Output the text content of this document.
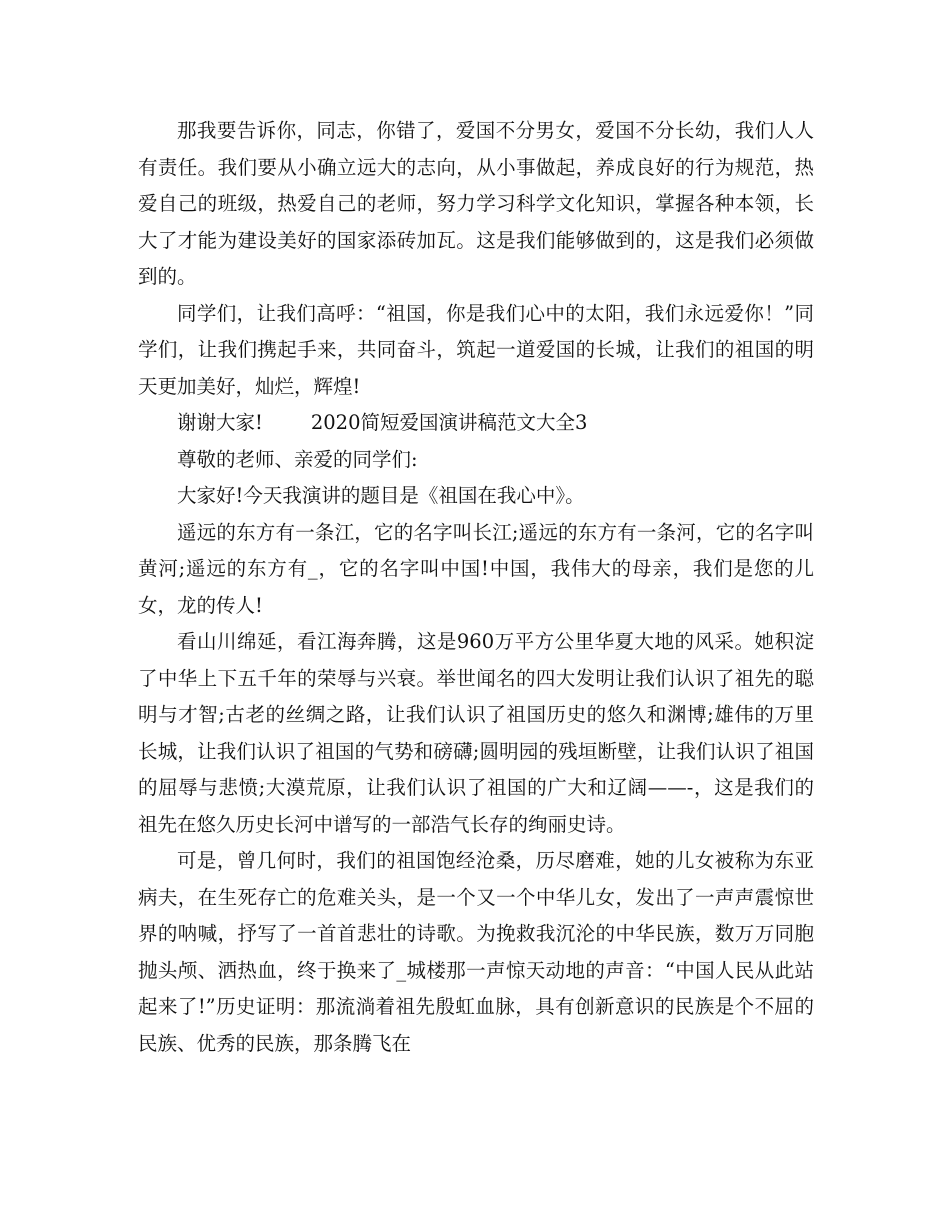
那我要告诉你，同志，你错了，爱国不分男女，爱国不分长幼，我们人人有责任。我们要从小确立远大的志向，从小事做起，养成良好的行为规范，热爱自己的班级，热爱自己的老师，努力学习科学文化知识，掌握各种本领，长大了才能为建设美好的国家添砖加瓦。这是我们能够做到的，这是我们必须做到的。

同学们，让我们高呼：“祖国，你是我们心中的太阳，我们永远爱你！”同学们，让我们携起手来，共同奋斗，筑起一道爱国的长城，让我们的祖国的明天更加美好，灿烂，辉煌!

谢谢大家! 2020简短爱国演讲稿范文大全3

尊敬的老师、亲爱的同学们:

大家好!今天我演讲的题目是《祖国在我心中》。

遥远的东方有一条江，它的名字叫长江;遥远的东方有一条河，它的名字叫黄河;遥远的东方有_，它的名字叫中国!中国，我伟大的母亲，我们是您的儿女，龙的传人!

看山川绵延，看江海奔腾，这是960万平方公里华夏大地的风采。她积淀了中华上下五千年的荣辱与兴衰。举世闻名的四大发明让我们认识了祖先的聪明与才智;古老的丝绸之路，让我们认识了祖国历史的悠久和渊博;雄伟的万里长城，让我们认识了祖国的气势和磅礴;圆明园的残垣断壁，让我们认识了祖国的屈辱与悲愤;大漠荒原，让我们认识了祖国的广大和辽阔——-，这是我们的祖先在悠久历史长河中谱写的一部浩气长存的绚丽史诗。

可是，曾几何时，我们的祖国饱经沧桑，历尽磨难，她的儿女被称为东亚病夫，在生死存亡的危难关头，是一个又一个中华儿女，发出了一声声震惊世界的呐喊，抒写了一首首悲壮的诗歌。为挽救我沉沦的中华民族，数万万同胞抛头颅、洒热血，终于换来了_城楼那一声惊天动地的声音：“中国人民从此站起来了!”历史证明：那流淌着祖先殷虹血脉，具有创新意识的民族是个不屈的民族、优秀的民族，那条腾飞在
